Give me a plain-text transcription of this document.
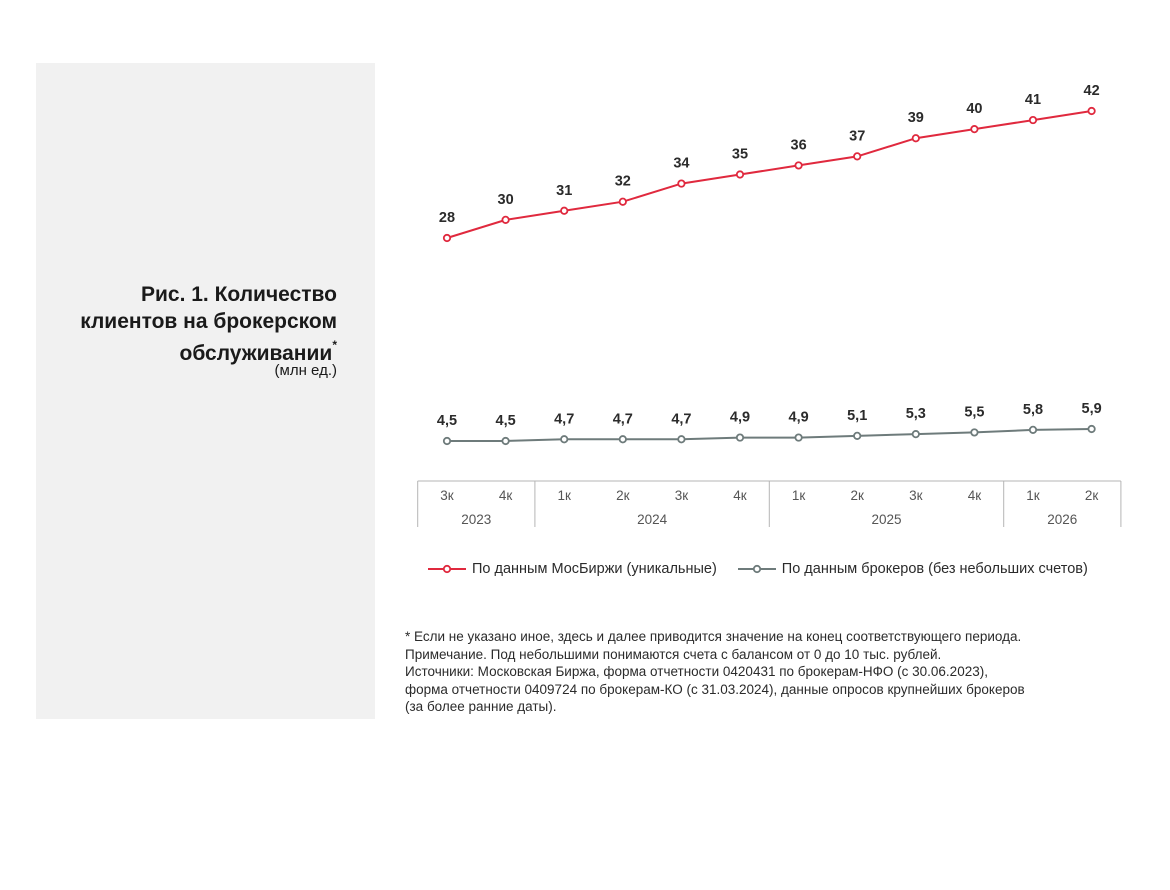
Рис. 1. Количество
клиентов на брокерском
обслуживании*
(млн ед.)
28
30
31
32
34
35
36
37
39
40
41
42
4,5	4,5	4,7	4,7	4,7	4,9	4,9	5,1	5,3	5,5	5,8	5,9
3к	4к	1к	2к	3к	4к	1к	2к	3к	4к	1к	2к
2023	2024	2025	2026
По данным МосБиржи (уникальные)	По данным брокеров (без небольших счетов)
* Если не указано иное, здесь и далее приводится значение на конец соответствующего периода.
Примечание. Под небольшими понимаются счета с балансом от 0 до 10 тыс. рублей.
Источники: Московская Биржа, форма отчетности 0420431 по брокерам-НФО (с 30.06.2023),
форма отчетности 0409724 по брокерам-КО (с 31.03.2024), данные опросов крупнейших брокеров
(за более ранние даты).
